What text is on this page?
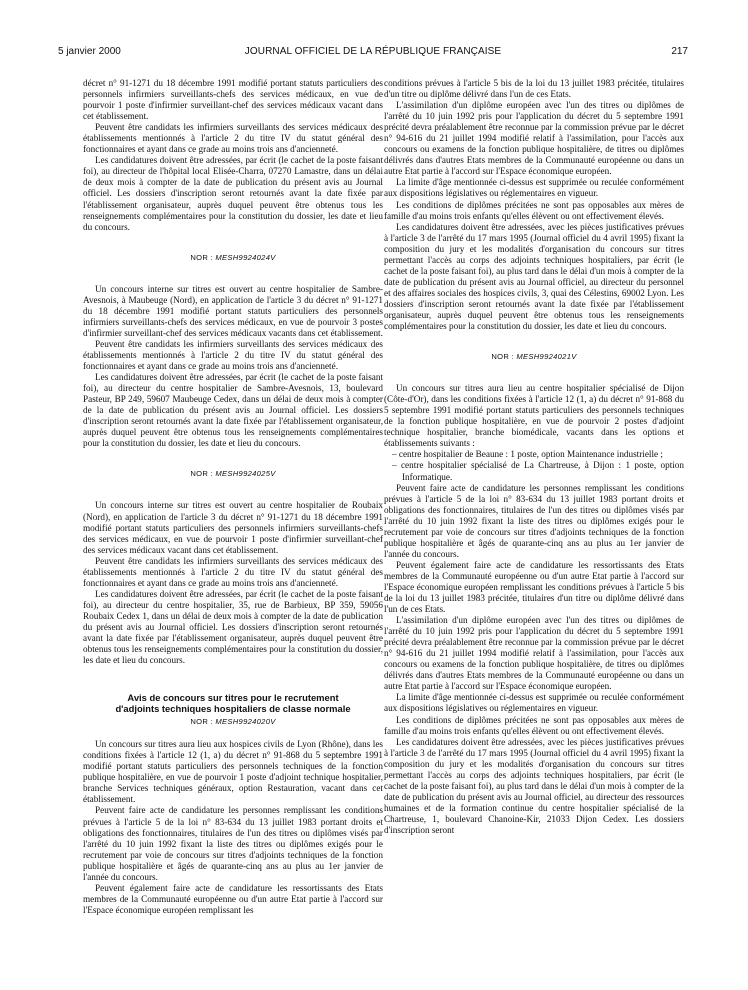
5 janvier 2000	JOURNAL OFFICIEL DE LA RÉPUBLIQUE FRANÇAISE	217

décret n° 91-1271 du 18 décembre 1991 modifié portant statuts particuliers des personnels infirmiers surveillants-chefs des services médicaux, en vue de pourvoir 1 poste d'infirmier surveillant-chef des services médicaux vacant dans cet établissement.

Peuvent être candidats les infirmiers surveillants des services médicaux des établissements mentionnés à l'article 2 du titre IV du statut général des fonctionnaires et ayant dans ce grade au moins trois ans d'ancienneté.

Les candidatures doivent être adressées, par écrit (le cachet de la poste faisant foi), au directeur de l'hôpital local Elisée-Charra, 07270 Lamastre, dans un délai de deux mois à compter de la date de publication du présent avis au Journal officiel. Les dossiers d'inscription seront retournés avant la date fixée par l'établissement organisateur, auprès duquel peuvent être obtenus tous les renseignements complémentaires pour la constitution du dossier, les date et lieu du concours.

NOR : MESH9924024V

Un concours interne sur titres est ouvert au centre hospitalier de Sambre-Avesnois, à Maubeuge (Nord), en application de l'article 3 du décret n° 91-1271 du 18 décembre 1991 modifié portant statuts particuliers des personnels infirmiers surveillants-chefs des services médicaux, en vue de pourvoir 3 postes d'infirmier surveillant-chef des services médicaux vacants dans cet établissement.

Peuvent être candidats les infirmiers surveillants des services médicaux des établissements mentionnés à l'article 2 du titre IV du statut général des fonctionnaires et ayant dans ce grade au moins trois ans d'ancienneté.

Les candidatures doivent être adressées, par écrit (le cachet de la poste faisant foi), au directeur du centre hospitalier de Sambre-Avesnois, 13, boulevard Pasteur, BP 249, 59607 Maubeuge Cedex, dans un délai de deux mois à compter de la date de publication du présent avis au Journal officiel. Les dossiers d'inscription seront retournés avant la date fixée par l'établissement organisateur, auprès duquel peuvent être obtenus tous les renseignements complémentaires pour la constitution du dossier, les date et lieu du concours.

NOR : MESH9924025V

Un concours interne sur titres est ouvert au centre hospitalier de Roubaix (Nord), en application de l'article 3 du décret n° 91-1271 du 18 décembre 1991 modifié portant statuts particuliers des personnels infirmiers surveillants-chefs des services médicaux, en vue de pourvoir 1 poste d'infirmier surveillant-chef des services médicaux vacant dans cet établissement.

Peuvent être candidats les infirmiers surveillants des services médicaux des établissements mentionnés à l'article 2 du titre IV du statut général des fonctionnaires et ayant dans ce grade au moins trois ans d'ancienneté.

Les candidatures doivent être adressées, par écrit (le cachet de la poste faisant foi), au directeur du centre hospitalier, 35, rue de Barbieux, BP 359, 59056 Roubaix Cedex 1, dans un délai de deux mois à compter de la date de publication du présent avis au Journal officiel. Les dossiers d'inscription seront retournés avant la date fixée par l'établissement organisateur, auprès duquel peuvent être obtenus tous les renseignements complémentaires pour la constitution du dossier, les date et lieu du concours.

Avis de concours sur titres pour le recrutement
d'adjoints techniques hospitaliers de classe normale
NOR : MESH9924020V

Un concours sur titres aura lieu aux hospices civils de Lyon (Rhône), dans les conditions fixées à l'article 12 (1, a) du décret n° 91-868 du 5 septembre 1991 modifié portant statuts particuliers des personnels techniques de la fonction publique hospitalière, en vue de pourvoir 1 poste d'adjoint technique hospitalier, branche Services techniques généraux, option Restauration, vacant dans cet établissement.

Peuvent faire acte de candidature les personnes remplissant les conditions prévues à l'article 5 de la loi n° 83-634 du 13 juillet 1983 portant droits et obligations des fonctionnaires, titulaires de l'un des titres ou diplômes visés par l'arrêté du 10 juin 1992 fixant la liste des titres ou diplômes exigés pour le recrutement par voie de concours sur titres d'adjoints techniques de la fonction publique hospitalière et âgés de quarante-cinq ans au plus au 1er janvier de l'année du concours.

Peuvent également faire acte de candidature les ressortissants des Etats membres de la Communauté européenne ou d'un autre Etat partie à l'accord sur l'Espace économique européen remplissant les

conditions prévues à l'article 5 bis de la loi du 13 juillet 1983 précitée, titulaires d'un titre ou diplôme délivré dans l'un de ces Etats.

L'assimilation d'un diplôme européen avec l'un des titres ou diplômes de l'arrêté du 10 juin 1992 pris pour l'application du décret du 5 septembre 1991 précité devra préalablement être reconnue par la commission prévue par le décret n° 94-616 du 21 juillet 1994 modifié relatif à l'assimilation, pour l'accès aux concours ou examens de la fonction publique hospitalière, de titres ou diplômes délivrés dans d'autres Etats membres de la Communauté européenne ou dans un autre Etat partie à l'accord sur l'Espace économique européen.

La limite d'âge mentionnée ci-dessus est supprimée ou reculée conformément aux dispositions législatives ou réglementaires en vigueur.

Les conditions de diplômes précitées ne sont pas opposables aux mères de famille d'au moins trois enfants qu'elles élèvent ou ont effectivement élevés.

Les candidatures doivent être adressées, avec les pièces justificatives prévues à l'article 3 de l'arrêté du 17 mars 1995 (Journal officiel du 4 avril 1995) fixant la composition du jury et les modalités d'organisation du concours sur titres permettant l'accès au corps des adjoints techniques hospitaliers, par écrit (le cachet de la poste faisant foi), au plus tard dans le délai d'un mois à compter de la date de publication du présent avis au Journal officiel, au directeur du personnel et des affaires sociales des hospices civils, 3, quai des Célestins, 69002 Lyon. Les dossiers d'inscription seront retournés avant la date fixée par l'établissement organisateur, auprès duquel peuvent être obtenus tous les renseignements complémentaires pour la constitution du dossier, les date et lieu du concours.

NOR : MESH9924021V

Un concours sur titres aura lieu au centre hospitalier spécialisé de Dijon (Côte-d'Or), dans les conditions fixées à l'article 12 (1, a) du décret n° 91-868 du 5 septembre 1991 modifié portant statuts particuliers des personnels techniques de la fonction publique hospitalière, en vue de pourvoir 2 postes d'adjoint technique hospitalier, branche biomédicale, vacants dans les options et établissements suivants :

– centre hospitalier de Beaune : 1 poste, option Maintenance industrielle ;
– centre hospitalier spécialisé de La Chartreuse, à Dijon : 1 poste, option Informatique.

Peuvent faire acte de candidature les personnes remplissant les conditions prévues à l'article 5 de la loi n° 83-634 du 13 juillet 1983 portant droits et obligations des fonctionnaires, titulaires de l'un des titres ou diplômes visés par l'arrêté du 10 juin 1992 fixant la liste des titres ou diplômes exigés pour le recrutement par voie de concours sur titres d'adjoints techniques de la fonction publique hospitalière et âgés de quarante-cinq ans au plus au 1er janvier de l'année du concours.

Peuvent également faire acte de candidature les ressortissants des Etats membres de la Communauté européenne ou d'un autre Etat partie à l'accord sur l'Espace économique européen remplissant les conditions prévues à l'article 5 bis de la loi du 13 juillet 1983 précitée, titulaires d'un titre ou diplôme délivré dans l'un de ces Etats.

L'assimilation d'un diplôme européen avec l'un des titres ou diplômes de l'arrêté du 10 juin 1992 pris pour l'application du décret du 5 septembre 1991 précité devra préalablement être reconnue par la commission prévue par le décret n° 94-616 du 21 juillet 1994 modifié relatif à l'assimilation, pour l'accès aux concours ou examens de la fonction publique hospitalière, de titres ou diplômes délivrés dans d'autres Etats membres de la Communauté européenne ou dans un autre Etat partie à l'accord sur l'Espace économique européen.

La limite d'âge mentionnée ci-dessus est supprimée ou reculée conformément aux dispositions législatives ou réglementaires en vigueur.

Les conditions de diplômes précitées ne sont pas opposables aux mères de famille d'au moins trois enfants qu'elles élèvent ou ont effectivement élevés.

Les candidatures doivent être adressées, avec les pièces justificatives prévues à l'article 3 de l'arrêté du 17 mars 1995 (Journal officiel du 4 avril 1995) fixant la composition du jury et les modalités d'organisation du concours sur titres permettant l'accès au corps des adjoints techniques hospitaliers, par écrit (le cachet de la poste faisant foi), au plus tard dans le délai d'un mois à compter de la date de publication du présent avis au Journal officiel, au directeur des ressources humaines et de la formation continue du centre hospitalier spécialisé de la Chartreuse, 1, boulevard Chanoine-Kir, 21033 Dijon Cedex. Les dossiers d'inscription seront
